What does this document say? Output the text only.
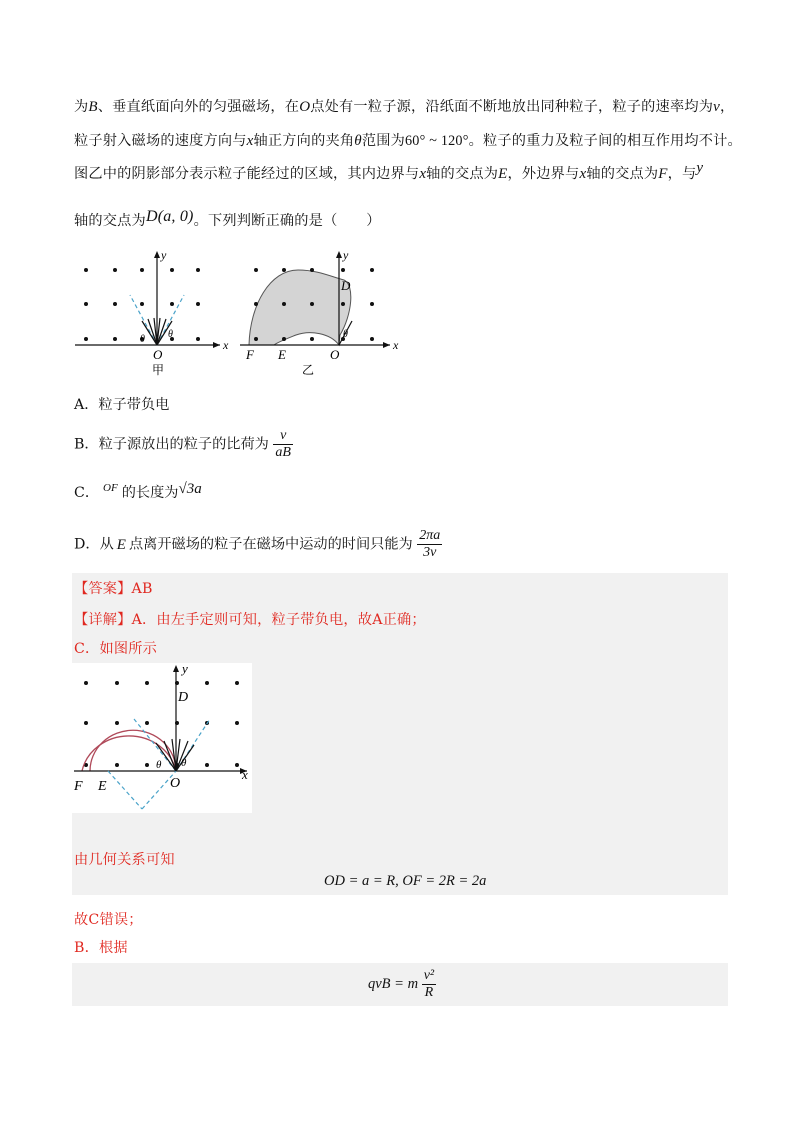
为B、垂直纸面向外的匀强磁场，在O点处有一粒子源，沿纸面不断地放出同种粒子，粒子的速率均为v，
粒子射入磁场的速度方向与x轴正方向的夹角θ范围为60° ~ 120°。粒子的重力及粒子间的相互作用均不计。
图乙中的阴影部分表示粒子能经过的区域，其内边界与x轴的交点为E，外边界与x轴的交点为F，与y
轴的交点为D(a, 0)。下列判断正确的是（　　）
θ θ
x
y
O
甲
θ
x
y
D
F E	O
乙
A．粒子带负电
B．粒子源放出的粒子的比荷为 $\frac{v}{aB}$
C． $^{OF}$ 的长度为√3a
D．从 E 点离开磁场的粒子在磁场中运动的时间只能为 $\frac{2\pi a}{3v}$
【答案】AB
【详解】A．由左手定则可知，粒子带负电，故A正确；
C．如图所示
θ θ
x
y
D
F E	O
由几何关系可知
OD = a = R, OF = 2R = 2a
故C错误；
B．根据
qvB = m $\frac{\text{v²}}{R}$
